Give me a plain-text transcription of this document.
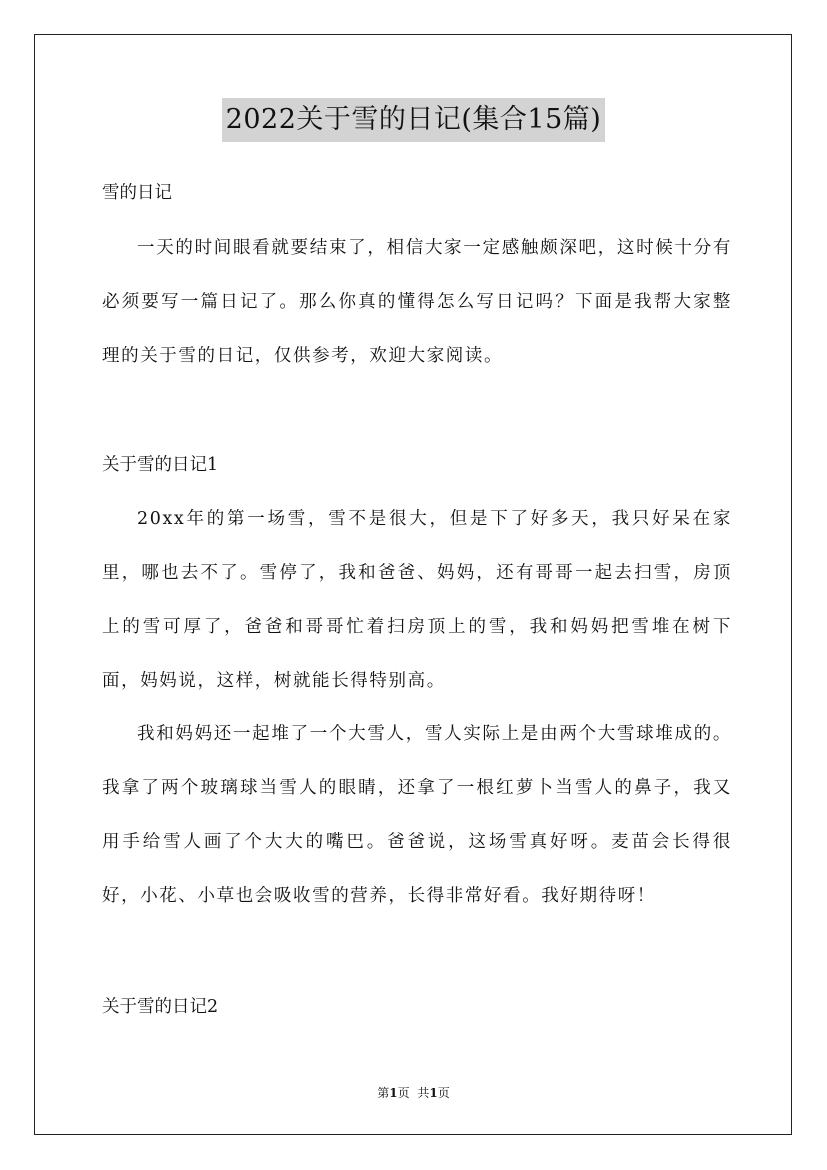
2022关于雪的日记(集合15篇)
雪的日记
一天的时间眼看就要结束了，相信大家一定感触颇深吧，这时候十分有必须要写一篇日记了。那么你真的懂得怎么写日记吗？下面是我帮大家整理的关于雪的日记，仅供参考，欢迎大家阅读。
关于雪的日记1
20xx年的第一场雪，雪不是很大，但是下了好多天，我只好呆在家里，哪也去不了。雪停了，我和爸爸、妈妈，还有哥哥一起去扫雪，房顶上的雪可厚了，爸爸和哥哥忙着扫房顶上的雪，我和妈妈把雪堆在树下面，妈妈说，这样，树就能长得特别高。
我和妈妈还一起堆了一个大雪人，雪人实际上是由两个大雪球堆成的。我拿了两个玻璃球当雪人的眼睛，还拿了一根红萝卜当雪人的鼻子，我又用手给雪人画了个大大的嘴巴。爸爸说，这场雪真好呀。麦苗会长得很好，小花、小草也会吸收雪的营养，长得非常好看。我好期待呀！
关于雪的日记2
第1页 共1页
